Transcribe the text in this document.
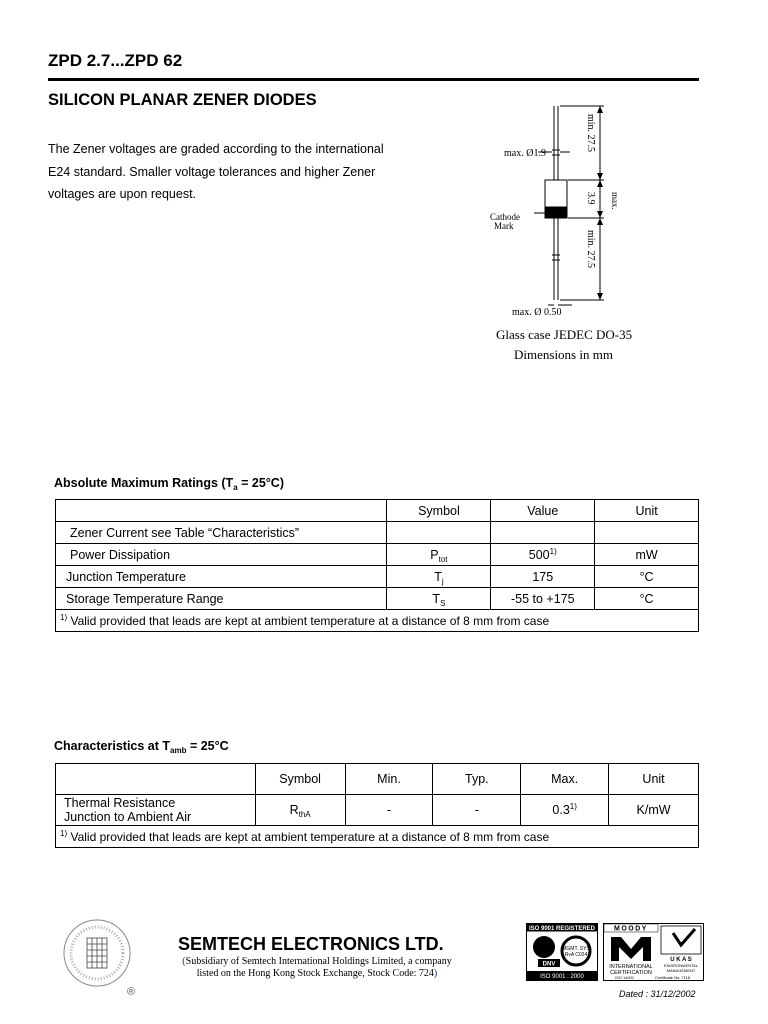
ZPD 2.7...ZPD 62
SILICON PLANAR ZENER DIODES
The Zener voltages are graded according to the international
E24 standard. Smaller voltage tolerances and higher Zener
voltages are upon request.
max. Ø1.9
Cathode
Mark
max. Ø 0.50
min. 27.5
3.9 max.
min. 27.5
Glass case JEDEC DO-35
Dimensions in mm
Absolute Maximum Ratings $(T_a = 25^\circ C)$
	Symbol	Value	Unit
Zener Current see Table “Characteristics”			
Power Dissipation	$P_{tot}$	500$^{1)}$	mW
Junction Temperature	$T_j$	175	°C
Storage Temperature Range	$T_S$	-55 to +175	°C
$^{1)}$ Valid provided that leads are kept at ambient temperature at a distance of 8 mm from case			
Characteristics at $T_{amb} = 25^\circ C$
	Symbol	Min.	Typ.	Max.	Unit

Thermal Resistance
Junction to Ambient Air	$R_{thA}$	-	-	0.3$^{1)}$	K/mW
$^{1)}$ Valid provided that leads are kept at ambient temperature at a distance of 8 mm from case					
®
SEMTECH ELECTRONICS LTD.
(Subsidiary of Semtech International Holdings Limited, a company
listed on the Hong Kong Stock Exchange, Stock Code: 724)
ISO 9001 REGISTERED
DNV
MGMT. SYS
RvA C024
ISO 9001 : 2000
MOODY
INTERNATIONAL
CERTIFICATION
U K A S
ENVIRONMENTAL
MANAGEMENT
ISO 14001	Certificate No. 7118
Dated : 31/12/2002
